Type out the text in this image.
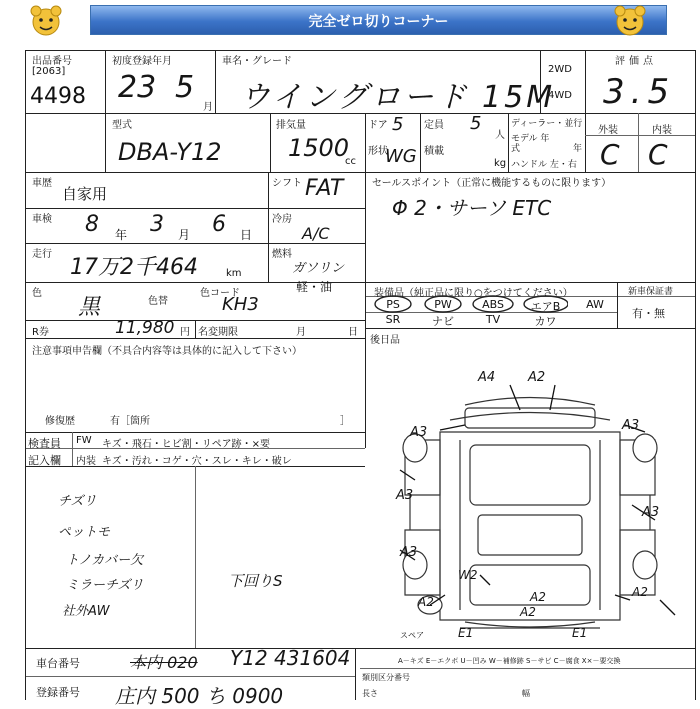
完全ゼロ切りコーナー
出品番号
[2063]
4498
初度登録年月
23 5
月
車名・グレード
ウイングロード 15M
2WD
4WD
評価点
3.5
型式
DBA-Y12
排気量
1500
cc
ドア 5
形状
WG
定員 5
人
積載
kg
ディーラー・並行
モデル 年式	年
ハンドル 左・右
外装	内装
C C
車歴
自家用
シフト FAT	セールスポイント（正常に機能するものに限ります）
Φ 2・サーソ ETC
車検 8 年 3 月 6 日
冷房
A/C
走行
17万2千464	km
燃料
ガソリン
軽・油
色
黒	色替
色コード
KH3
R券	11,980 円 名変期限	月	日
装備品（純正品に限り○をつけてください）
PS	PW	ABS	エアB	AW
SR	ナビ	TV	カワ
新車保証書
有・無
後日品
注意事項申告欄（不具合内容等は具体的に記入して下さい）
修復歴	有［箇所	］
検査員
記入欄
FW キズ・飛石・ヒビ割・リペア跡・×要
内装 キズ・汚れ・コゲ・穴・スレ・キレ・破レ
チズリ
ペットモ
トノカバー欠
ミラーチズリ
社外AW
下回りS
A4	A2
A3	A3
A3
A3
A3
A2	A2	A2
A2
E1	E1
W2
スペア
車台番号	本内 020 Y12 431604
登録番号 庄内 500 ち 0900
A－キズ E－エクボ U－凹み W－補修跡 S－サビ C－腐食 X×－要交換
類別区分番号
長さ	幅
